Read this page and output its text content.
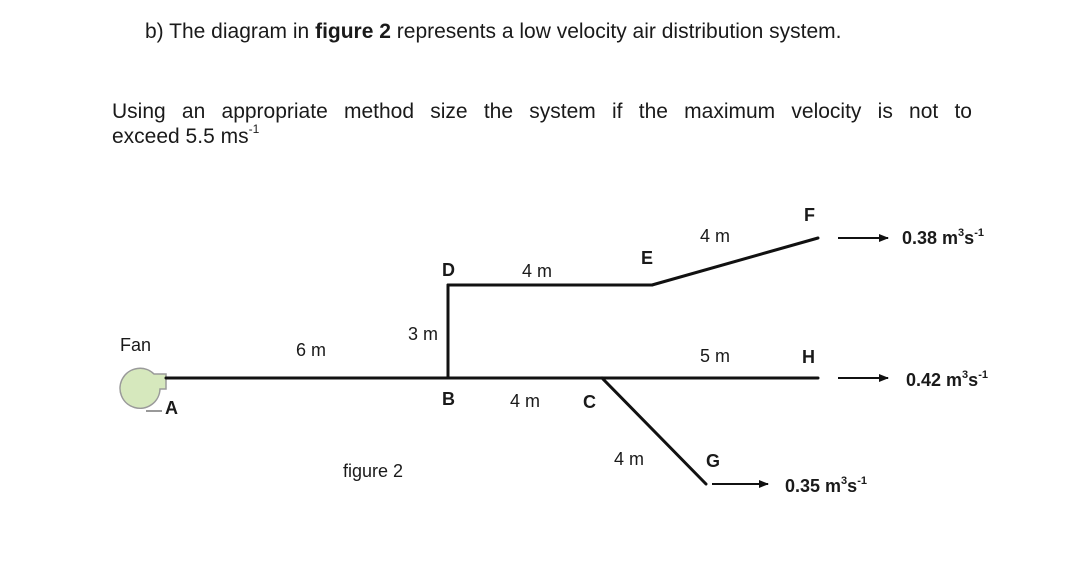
b) The diagram in figure 2 represents a low velocity air distribution system.
Using an appropriate method size the system if the maximum velocity is not to
exceed 5.5 $ms^{-1}$
Fan
A	B	C
D
E
F
G
H
6 m
3 m
4 m
4 m
4 m
5 m
4 m
0.38 $m^3s^{-1}$
0.42 $m^3s^{-1}$
0.35 $m^3s^{-1}$
figure 2
